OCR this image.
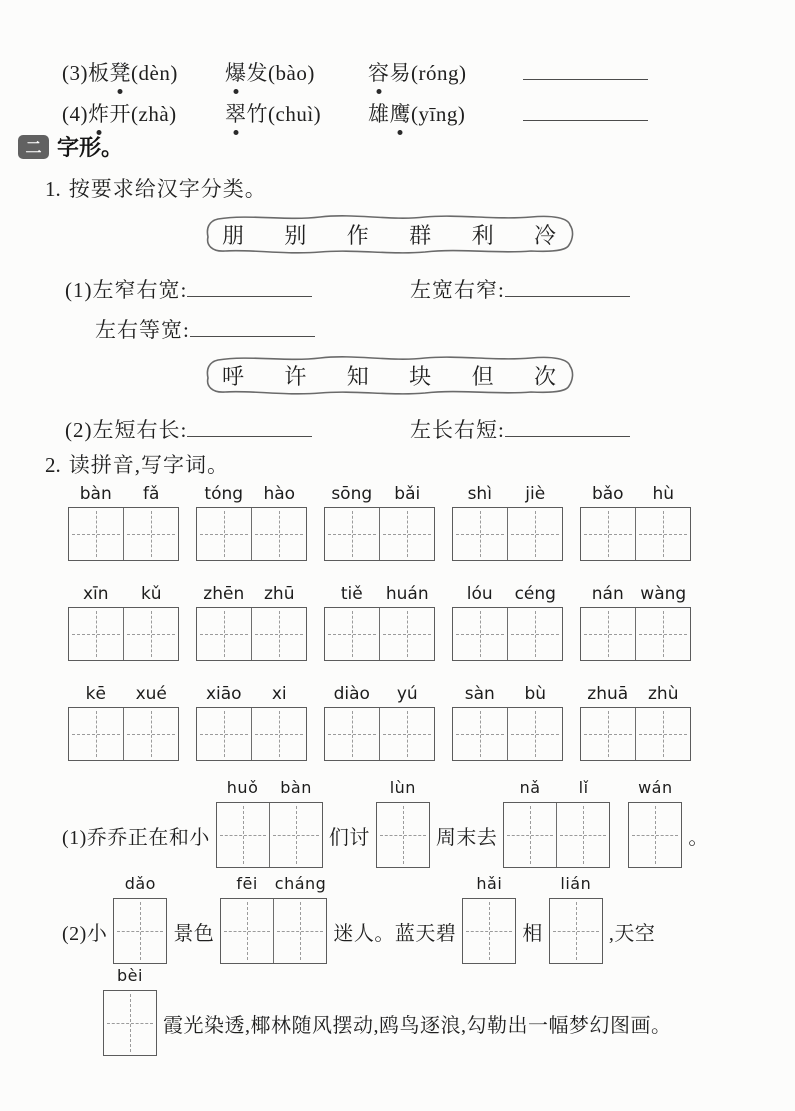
(3)板凳(dèn)	爆发(bào)	容易(róng)
(4)炸开(zhà)	翠竹(chuì)	雄鹰(yīng)
二 字形。
1. 按要求给汉字分类。
朋 别 作 群 利 冷
(1)左窄右宽:	左宽右窄:
左右等宽:
呼 许 知 块 但 次
(2)左短右长:	左长右短:
2. 读拼音,写字词。
bàn	fǎ	tóng	hào	sōng	bǎi	shì	jiè	bǎo	hù
xīn	kǔ	zhēn	zhū	tiě	huán	lóu	céng	nán wàng
kē	xué	xiāo	xi	diào	yú	sàn	bù	zhuā	zhù
(1)乔乔正在和小
huǒ	bàn
们讨
lùn
周末去
nǎ	lǐ	wán
。
(2)小
dǎo
景色
fēi	cháng
迷人。蓝天碧
hǎi
相
lián
,天空
bèi
霞光染透,椰林随风摆动,鸥鸟逐浪,勾勒出一幅梦幻图画。
